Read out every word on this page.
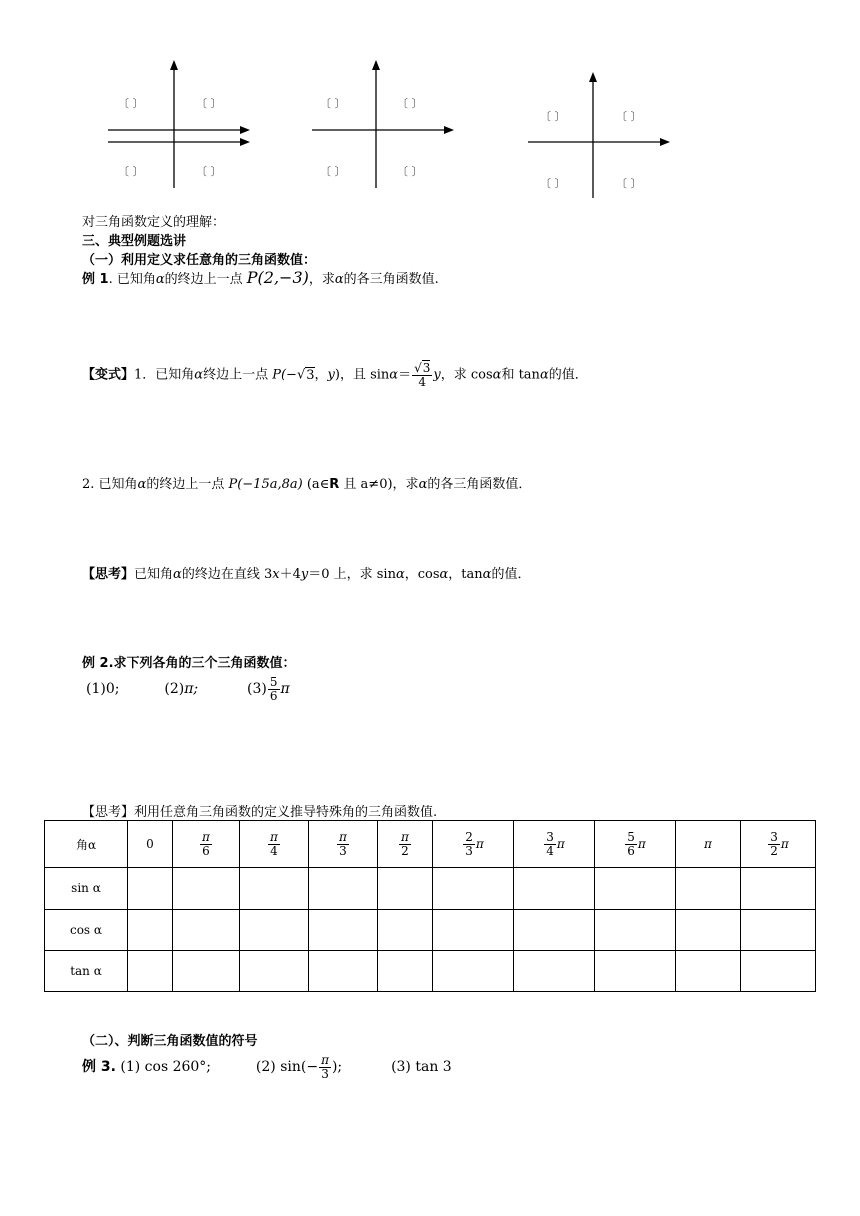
〔 〕	〔 〕
〔 〕	〔 〕
〔 〕	〔 〕
〔 〕	〔 〕
〔 〕	〔 〕
〔 〕	〔 〕
对三角函数定义的理解：
三、典型例题选讲
（一）利用定义求任意角的三角函数值：
例 1. 已知角α的终边上一点 P(2,−3)，求α的各三角函数值.
【变式】1．已知角α终边上一点 P(−√3，y)，且 $\sin\alpha= \frac{√3}{4}$ y，求 cosα和 tanα的值．
2. 已知角α的终边上一点 P(−15a,8a) (a∈R 且 a≠0)，求α的各三角函数值．
【思考】已知角α的终边在直线 3x＋4y＝0 上，求 sinα，cosα，tanα的值．
例 2.求下列各角的三个三角函数值：
(1)0;	(2)π;	$(3) \frac{5}{6}$ π
【思考】利用任意角三角函数的定义推导特殊角的三角函数值.
角α	0	$\frac{\pi}{6}$	$\frac{\pi}{4}$	$\frac{\pi}{3}$	$\frac{\pi}{2}$	$\frac{2}{3}$ π	$\frac{3}{4}$ π	$\frac{5}{6}$ π	π	$\frac{3}{2}$ π
sin α										
cos α										
tan α										
（二）、判断三角函数值的符号
例 3. (1) cos 260°;	(2) $\sin(- \frac{\pi}{3}$ );	(3) tan 3
